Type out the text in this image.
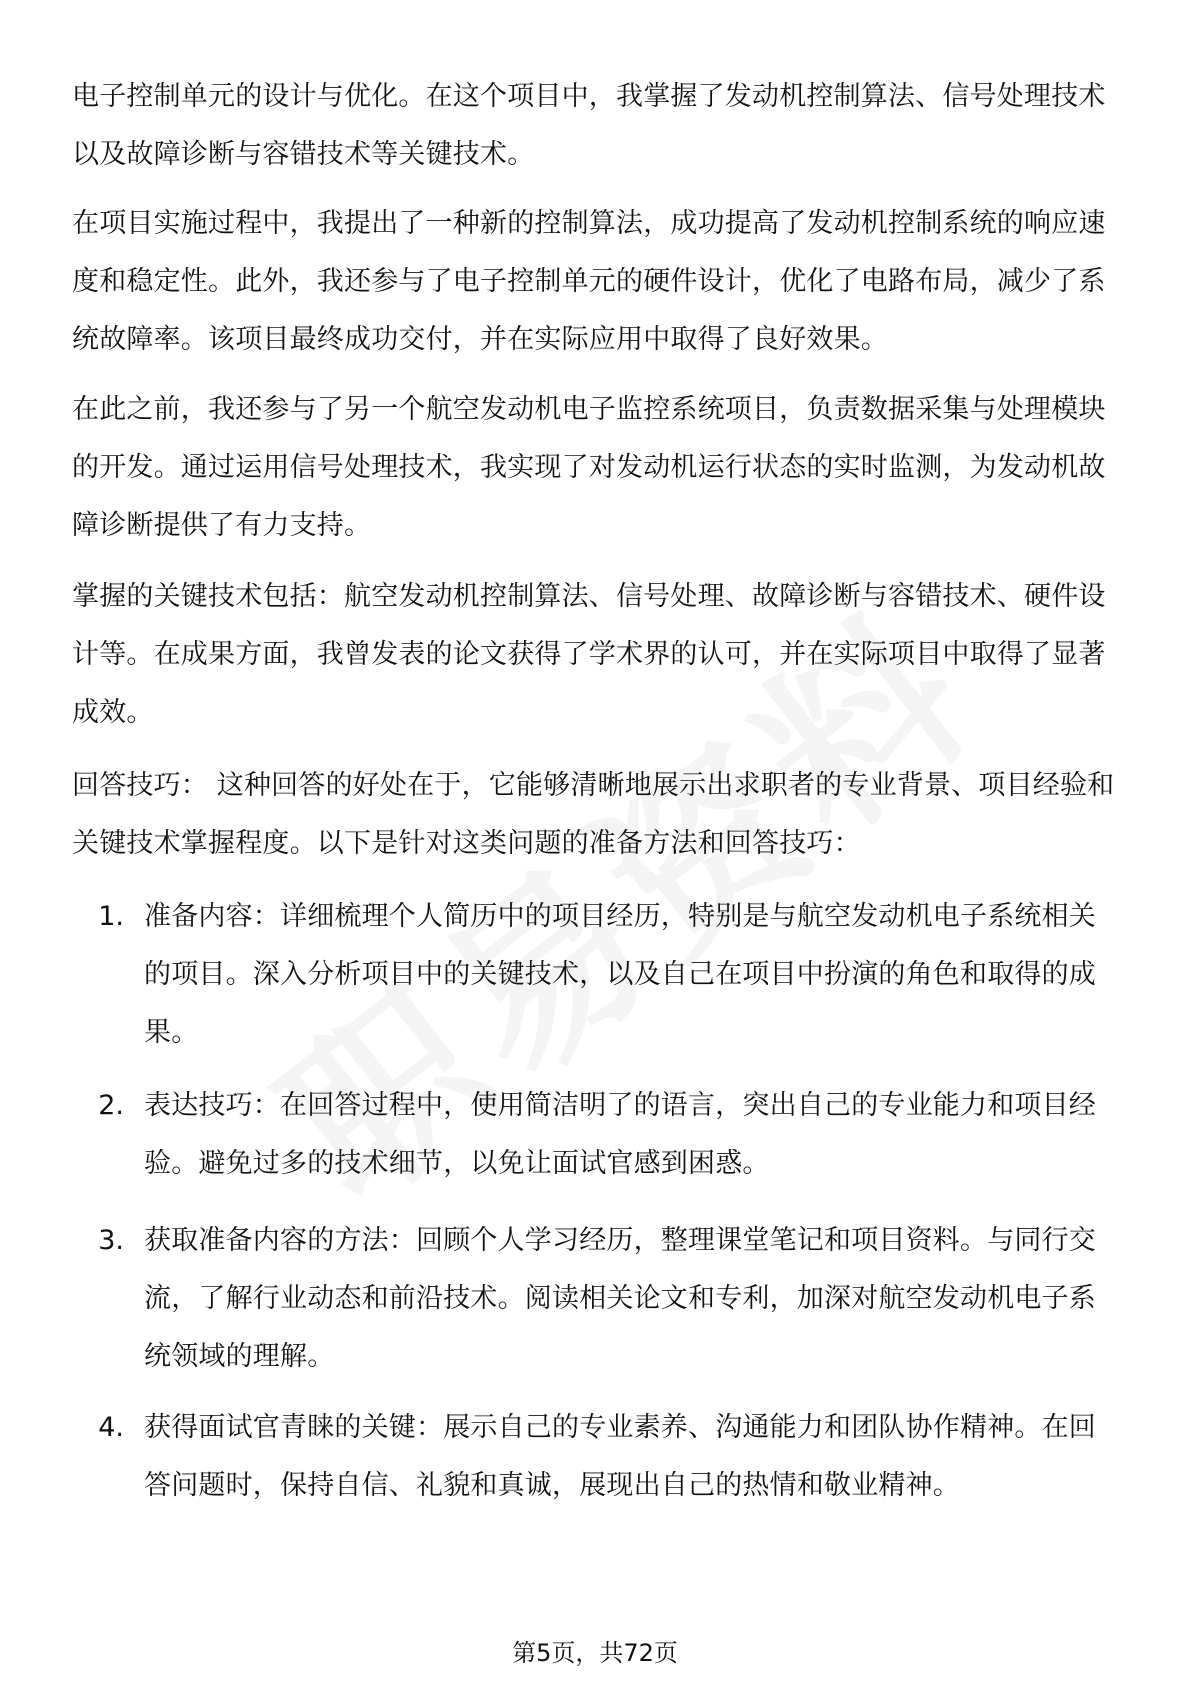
电子控制单元的设计与优化。在这个项目中，我掌握了发动机控制算法、信号处理技术以及故障诊断与容错技术等关键技术。

在项目实施过程中，我提出了一种新的控制算法，成功提高了发动机控制系统的响应速度和稳定性。此外，我还参与了电子控制单元的硬件设计，优化了电路布局，减少了系统故障率。该项目最终成功交付，并在实际应用中取得了良好效果。

在此之前，我还参与了另一个航空发动机电子监控系统项目，负责数据采集与处理模块的开发。通过运用信号处理技术，我实现了对发动机运行状态的实时监测，为发动机故障诊断提供了有力支持。

掌握的关键技术包括：航空发动机控制算法、信号处理、故障诊断与容错技术、硬件设计等。在成果方面，我曾发表的论文获得了学术界的认可，并在实际项目中取得了显著成效。

回答技巧： 这种回答的好处在于，它能够清晰地展示出求职者的专业背景、项目经验和关键技术掌握程度。以下是针对这类问题的准备方法和回答技巧：

1. 准备内容：详细梳理个人简历中的项目经历，特别是与航空发动机电子系统相关的项目。深入分析项目中的关键技术，以及自己在项目中扮演的角色和取得的成果。
2. 表达技巧：在回答过程中，使用简洁明了的语言，突出自己的专业能力和项目经验。避免过多的技术细节，以免让面试官感到困惑。
3. 获取准备内容的方法：回顾个人学习经历，整理课堂笔记和项目资料。与同行交流，了解行业动态和前沿技术。阅读相关论文和专利，加深对航空发动机电子系统领域的理解。
4. 获得面试官青睐的关键：展示自己的专业素养、沟通能力和团队协作精神。在回答问题时，保持自信、礼貌和真诚，展现出自己的热情和敬业精神。
第5页，共72页
